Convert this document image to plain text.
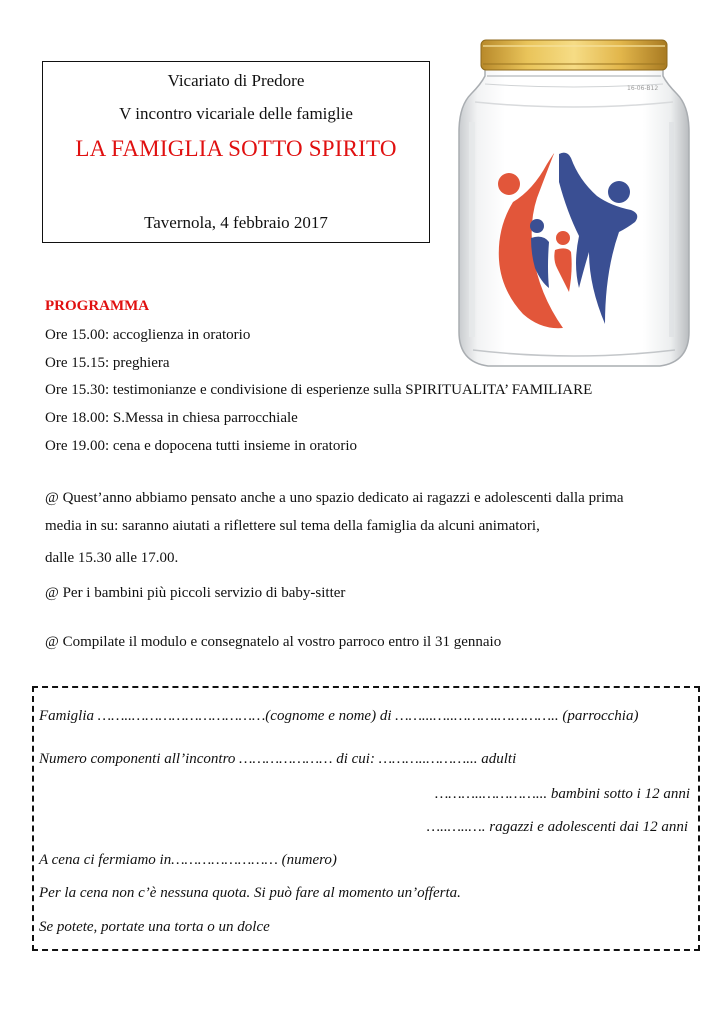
Vicariato di Predore
V incontro vicariale delle famiglie
LA FAMIGLIA SOTTO SPIRITO
Tavernola, 4 febbraio 2017
16-06-B12
PROGRAMMA
Ore 15.00: accoglienza in oratorio
Ore 15.15: preghiera
Ore 15.30: testimonianze e condivisione di esperienze sulla SPIRITUALITA’ FAMILIARE
Ore 18.00: S.Messa in chiesa parrocchiale
Ore 19.00: cena e dopocena tutti insieme in oratorio
@ Quest’anno abbiamo pensato anche a uno spazio dedicato ai ragazzi e adolescenti dalla prima
media in su: saranno aiutati a riflettere sul tema della famiglia da alcuni animatori,
dalle 15.30 alle 17.00.
@ Per i bambini più piccoli servizio di baby-sitter
@ Compilate il modulo e consegnatelo al vostro parroco entro il 31 gennaio
Famiglia ……..…………………………(cognome e nome) di ……...…..……….………….. (parrocchia)
Numero componenti all’incontro ………………… di cui: ………..………... adulti
………..…………... bambini sotto i 12 anni
…..…..…. ragazzi e adolescenti dai 12 anni
A cena ci fermiamo in…………………… (numero)
Per la cena non c’è nessuna quota. Si può fare al momento un’offerta.
Se potete, portate una torta o un dolce
